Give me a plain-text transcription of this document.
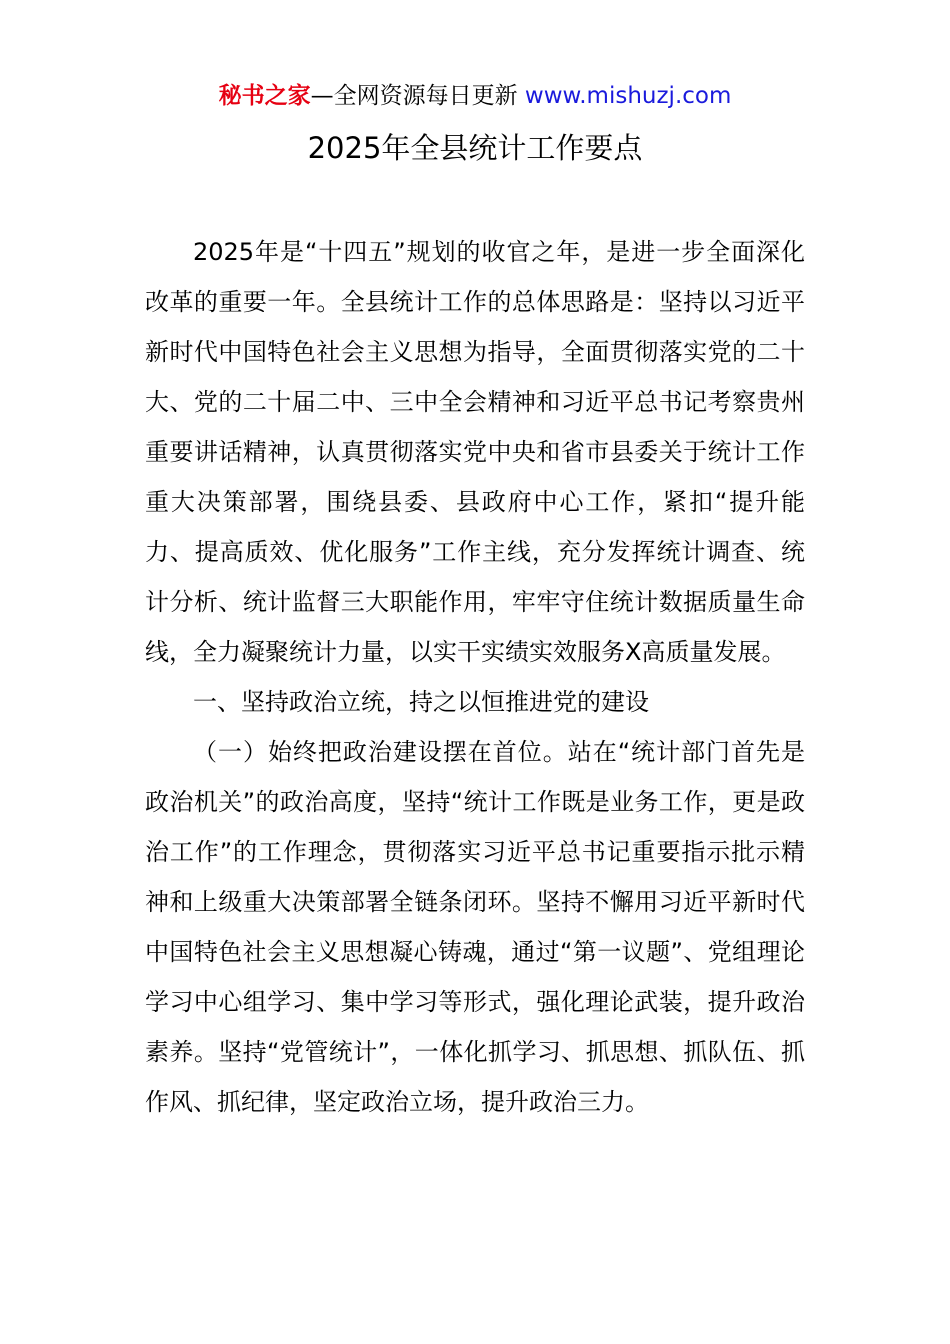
秘书之家—全网资源每日更新 www.mishuzj.com
2025年全县统计工作要点

2025年是“十四五”规划的收官之年，是进一步全面深化改革的重要一年。全县统计工作的总体思路是：坚持以习近平新时代中国特色社会主义思想为指导，全面贯彻落实党的二十大、党的二十届二中、三中全会精神和习近平总书记考察贵州重要讲话精神，认真贯彻落实党中央和省市县委关于统计工作重大决策部署，围绕县委、县政府中心工作，紧扣“提升能力、提高质效、优化服务”工作主线，充分发挥统计调查、统计分析、统计监督三大职能作用，牢牢守住统计数据质量生命线，全力凝聚统计力量，以实干实绩实效服务X高质量发展。

一、坚持政治立统，持之以恒推进党的建设

（一）始终把政治建设摆在首位。站在“统计部门首先是政治机关”的政治高度，坚持“统计工作既是业务工作，更是政治工作”的工作理念，贯彻落实习近平总书记重要指示批示精神和上级重大决策部署全链条闭环。坚持不懈用习近平新时代中国特色社会主义思想凝心铸魂，通过“第一议题”、党组理论学习中心组学习、集中学习等形式，强化理论武装，提升政治素养。坚持“党管统计”，一体化抓学习、抓思想、抓队伍、抓作风、抓纪律，坚定政治立场，提升政治三力。
